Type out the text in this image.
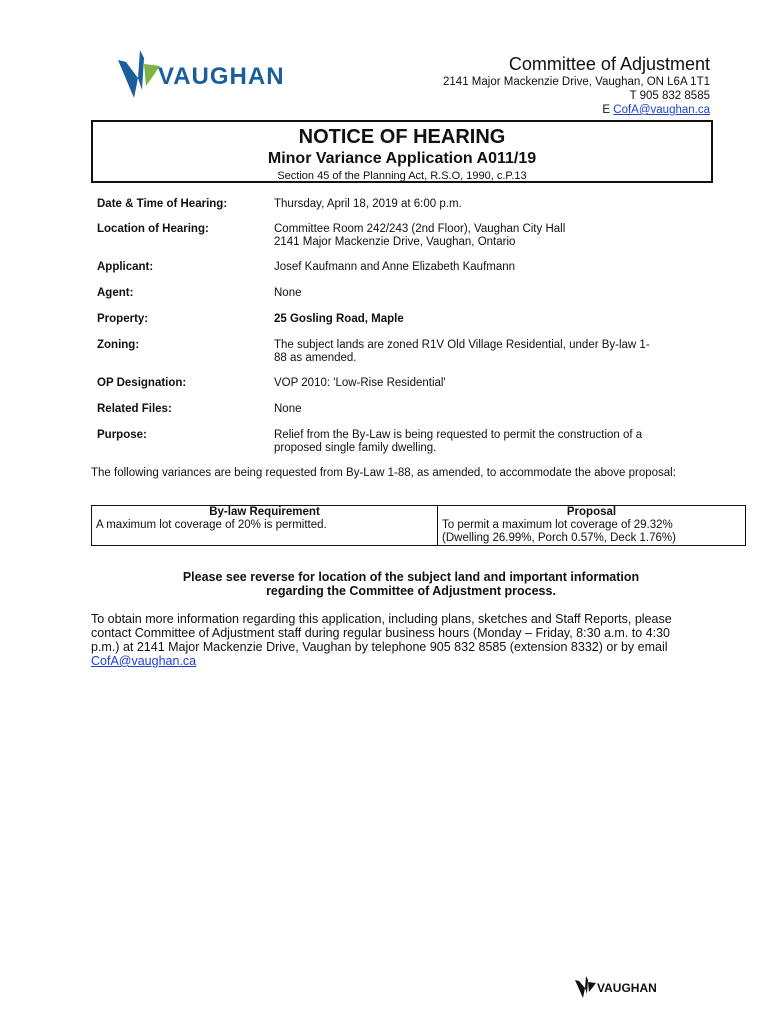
VAUGHAN	Committee of Adjustment
2141 Major Mackenzie Drive, Vaughan, ON L6A 1T1
T 905 832 8585
E CofA@vaughan.ca
NOTICE OF HEARING
Minor Variance Application A011/19
Section 45 of the Planning Act, R.S.O, 1990, c.P.13
Date & Time of Hearing:	Thursday, April 18, 2019 at 6:00 p.m.
Location of Hearing:	Committee Room 242/243 (2nd Floor), Vaughan City Hall
2141 Major Mackenzie Drive, Vaughan, Ontario
Applicant:	Josef Kaufmann and Anne Elizabeth Kaufmann
Agent:	None
Property:	25 Gosling Road, Maple
Zoning:	The subject lands are zoned R1V Old Village Residential, under By-law 1-
88 as amended.
OP Designation:	VOP 2010: 'Low-Rise Residential'
Related Files:	None
Purpose:	Relief from the By-Law is being requested to permit the construction of a
proposed single family dwelling.
The following variances are being requested from By-Law 1-88, as amended, to accommodate the above proposal:
By-law Requirement	Proposal
A maximum lot coverage of 20% is permitted.	To permit a maximum lot coverage of 29.32%
(Dwelling 26.99%, Porch 0.57%, Deck 1.76%)
Please see reverse for location of the subject land and important information
regarding the Committee of Adjustment process.
To obtain more information regarding this application, including plans, sketches and Staff Reports, please contact Committee of Adjustment staff during regular business hours (Monday – Friday, 8:30 a.m. to 4:30 p.m.) at 2141 Major Mackenzie Drive, Vaughan by telephone 905 832 8585 (extension 8332) or by email CofA@vaughan.ca
VAUGHAN
